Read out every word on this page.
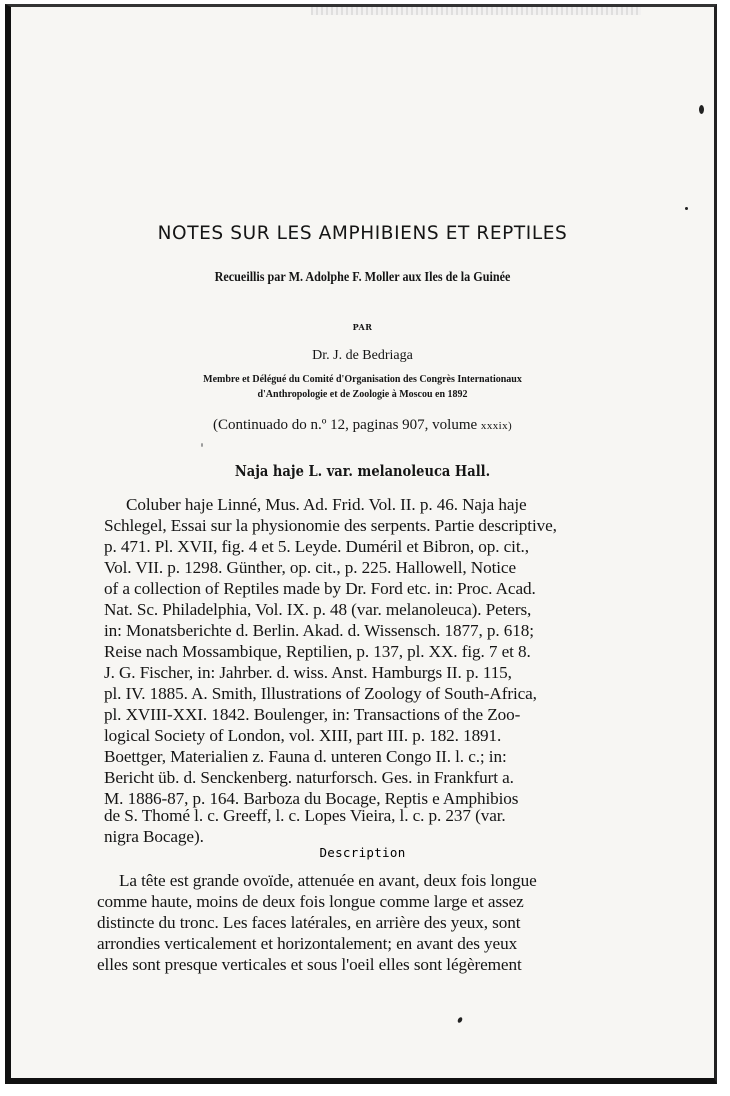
NOTES SUR LES AMPHIBIENS ET REPTILES
Recueillis par M. Adolphe F. Moller aux Iles de la Guinée
PAR
Dr. J. de Bedriaga
Membre et Délégué du Comité d'Organisation des Congrès Internationaux
d'Anthropologie et de Zoologie à Moscou en 1892
(Continuado do n.º 12, paginas 907, volume xxxix)
Naja haje L. var. melanoleuca Hall.
Coluber haje Linné, Mus. Ad. Frid. Vol. II. p. 46. Naja haje
Schlegel, Essai sur la physionomie des serpents. Partie descriptive,
p. 471. Pl. XVII, fig. 4 et 5. Leyde. Duméril et Bibron, op. cit.,
Vol. VII. p. 1298. Günther, op. cit., p. 225. Hallowell, Notice
of a collection of Reptiles made by Dr. Ford etc. in: Proc. Acad.
Nat. Sc. Philadelphia, Vol. IX. p. 48 (var. melanoleuca). Peters,
in: Monatsberichte d. Berlin. Akad. d. Wissensch. 1877, p. 618;
Reise nach Mossambique, Reptilien, p. 137, pl. XX. fig. 7 et 8.
J. G. Fischer, in: Jahrber. d. wiss. Anst. Hamburgs II. p. 115,
pl. IV. 1885. A. Smith, Illustrations of Zoology of South-Africa,
pl. XVIII-XXI. 1842. Boulenger, in: Transactions of the Zoo-
logical Society of London, vol. XIII, part III. p. 182. 1891.
Boettger, Materialien z. Fauna d. unteren Congo II. l. c.; in:
Bericht üb. d. Senckenberg. naturforsch. Ges. in Frankfurt a.
M. 1886-87, p. 164. Barboza du Bocage, Reptis e Amphibios
de S. Thomé l. c. Greeff, l. c. Lopes Vieira, l. c. p. 237 (var.
nigra Bocage).
Description
La tête est grande ovoïde, attenuée en avant, deux fois longue
comme haute, moins de deux fois longue comme large et assez
distincte du tronc. Les faces latérales, en arrière des yeux, sont
arrondies verticalement et horizontalement; en avant des yeux
elles sont presque verticales et sous l'oeil elles sont légèrement
